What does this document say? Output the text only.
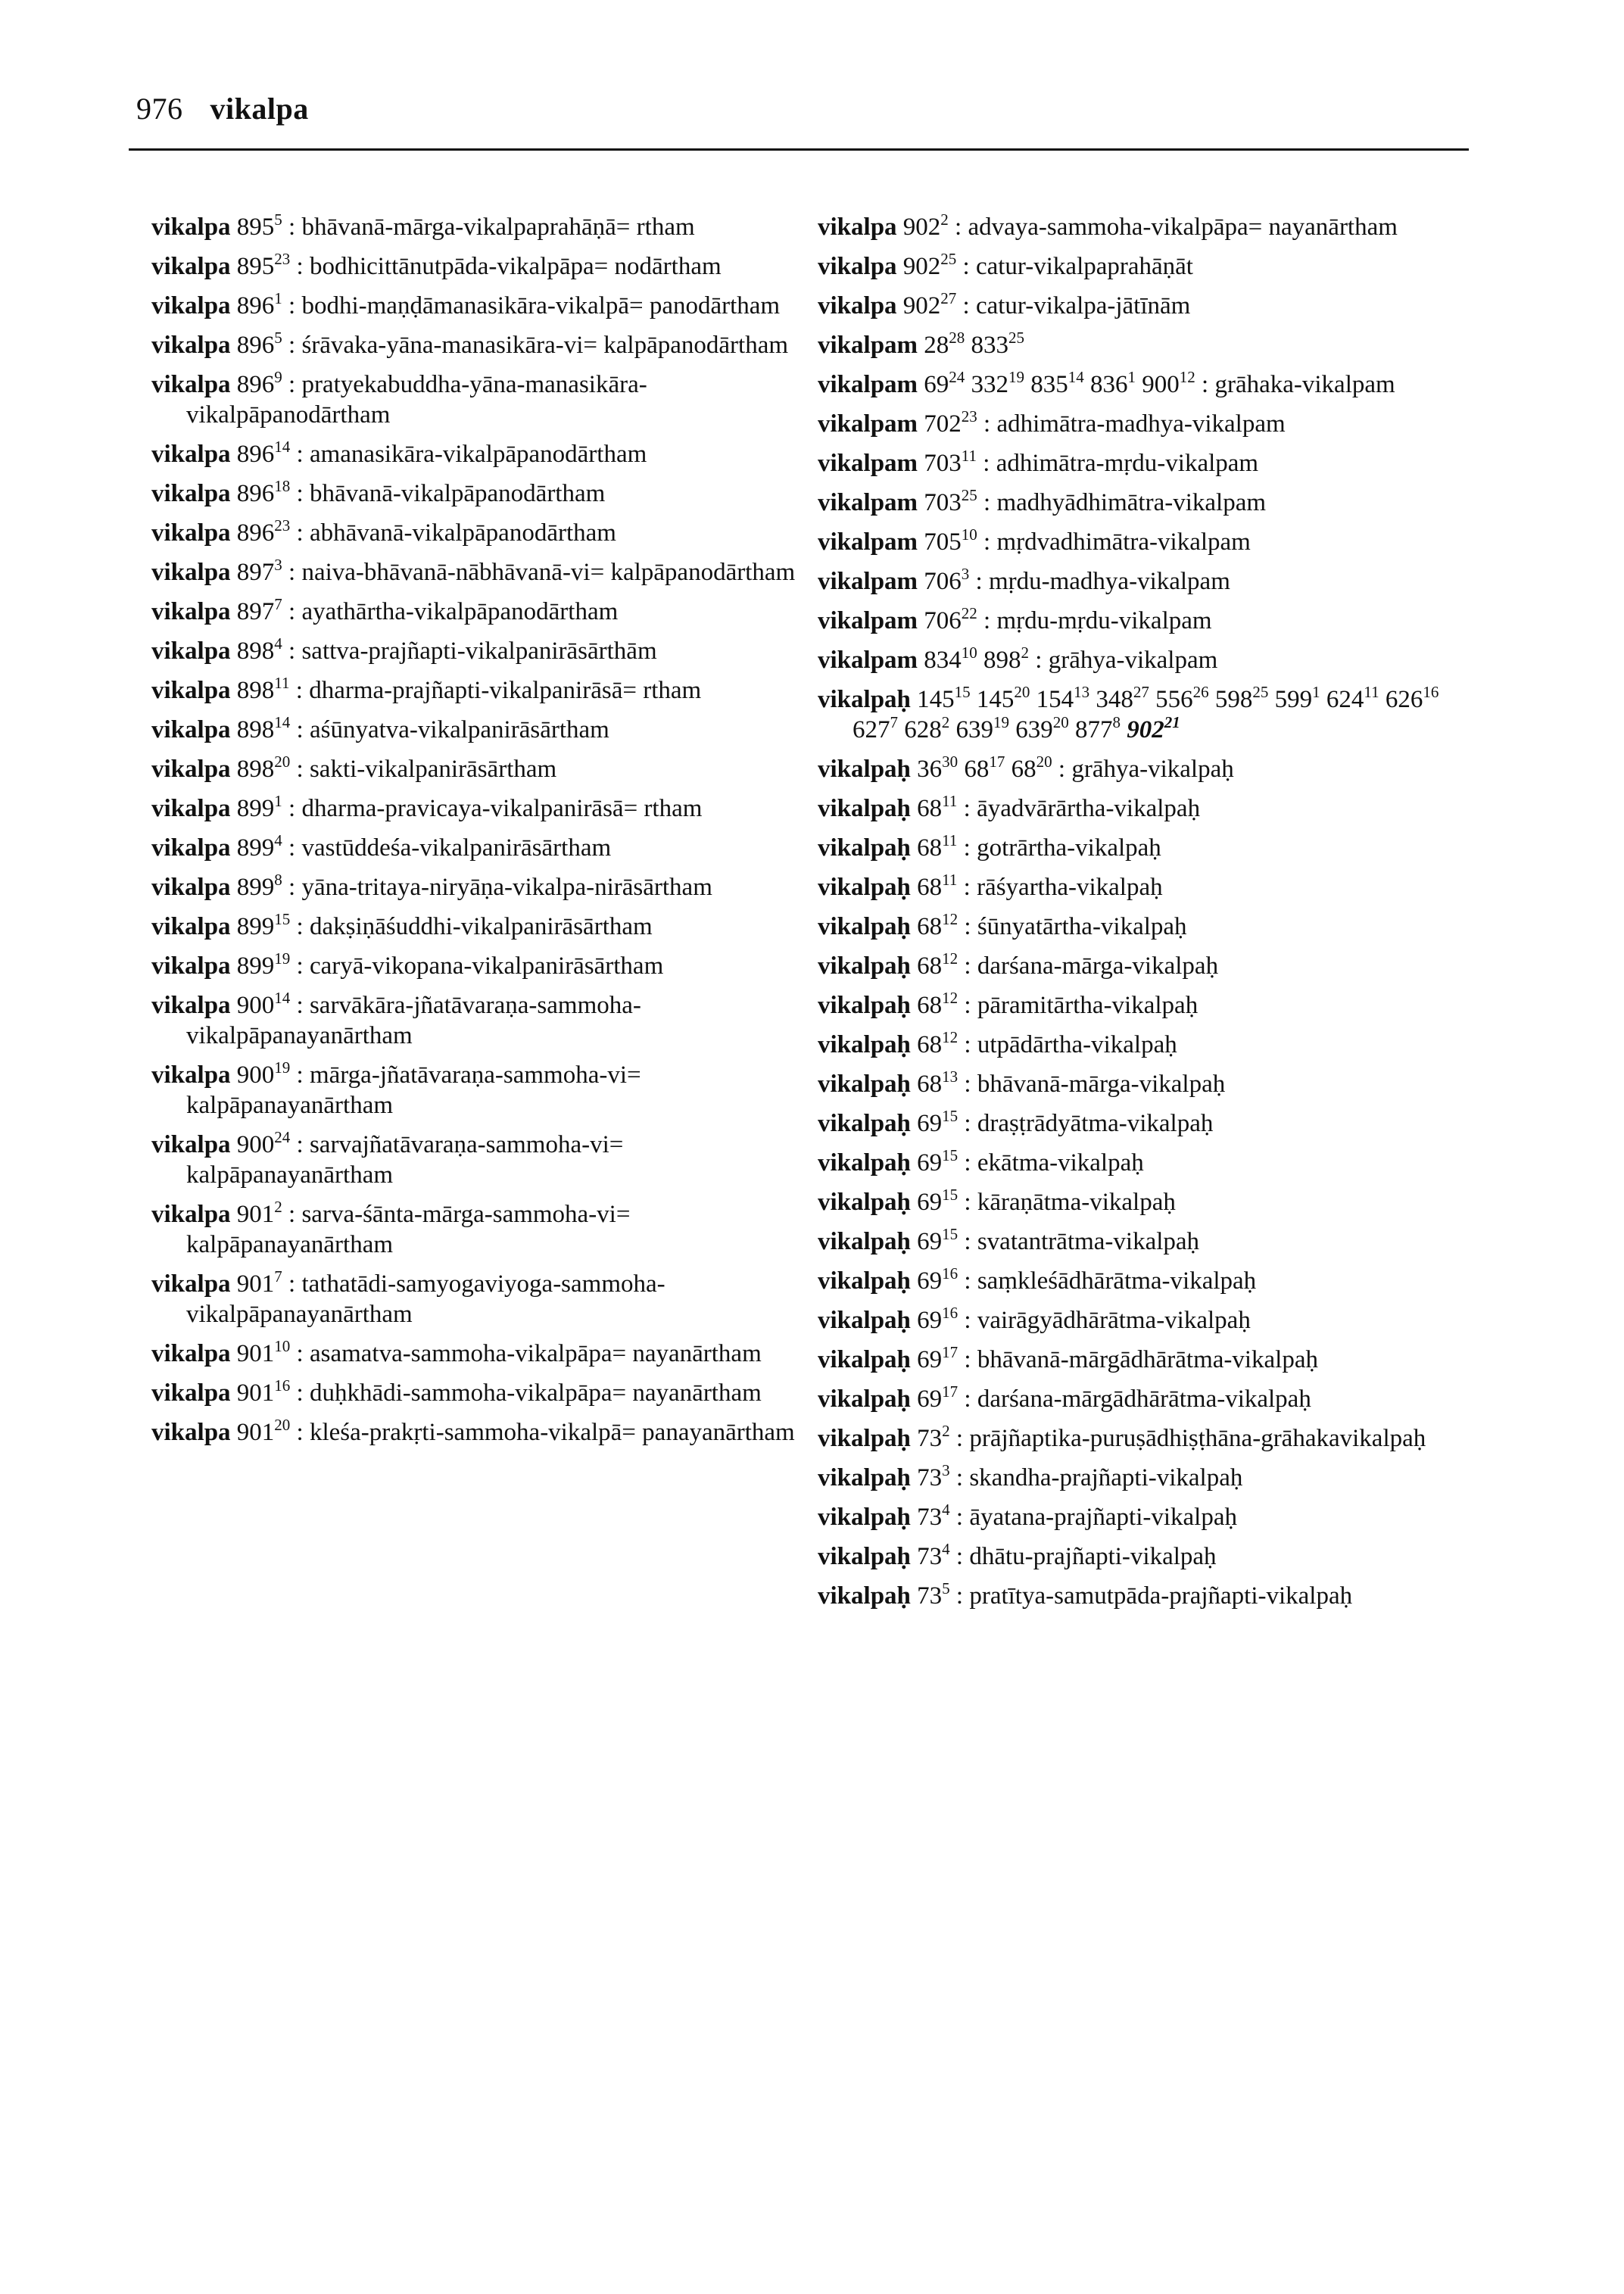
976 vikalpa
vikalpa $895^5$ : bhāvanā-mārga-vikalpaprahāṇā= rtham
vikalpa $895^{23}$ : bodhicittānutpāda-vikalpāpa= nodārtham
vikalpa $896^1$ : bodhi-maṇḍāmanasikāra-vikalpā= panodārtham
vikalpa $896^5$ : śrāvaka-yāna-manasikāra-vi= kalpāpanodārtham
vikalpa $896^9$ : pratyekabuddha-yāna-manasikāra-vikalpāpanodārtham
vikalpa $896^{14}$ : amanasikāra-vikalpāpanodārtham
vikalpa $896^{18}$ : bhāvanā-vikalpāpanodārtham
vikalpa $896^{23}$ : abhāvanā-vikalpāpanodārtham
vikalpa $897^3$ : naiva-bhāvanā-nābhāvanā-vi= kalpāpanodārtham
vikalpa $897^7$ : ayathārtha-vikalpāpanodārtham
vikalpa $898^4$ : sattva-prajñapti-vikalpanirāsārthām
vikalpa $898^{11}$ : dharma-prajñapti-vikalpanirāsā= rtham
vikalpa $898^{14}$ : aśūnyatva-vikalpanirāsārtham
vikalpa $898^{20}$ : sakti-vikalpanirāsārtham
vikalpa $899^1$ : dharma-pravicaya-vikalpanirāsā= rtham
vikalpa $899^4$ : vastūddeśa-vikalpanirāsārtham
vikalpa $899^8$ : yāna-tritaya-niryāṇa-vikalpa-nirāsārtham
vikalpa $899^{15}$ : dakṣiṇāśuddhi-vikalpanirāsārtham
vikalpa $899^{19}$ : caryā-vikopana-vikalpanirāsārtham
vikalpa $900^{14}$ : sarvākāra-jñatāvaraṇa-sammoha-vikalpāpanayanārtham
vikalpa $900^{19}$ : mārga-jñatāvaraṇa-sammoha-vi= kalpāpanayanārtham
vikalpa $900^{24}$ : sarvajñatāvaraṇa-sammoha-vi= kalpāpanayanārtham
vikalpa $901^2$ : sarva-śānta-mārga-sammoha-vi= kalpāpanayanārtham
vikalpa $901^7$ : tathatādi-samyogaviyoga-sammoha-vikalpāpanayanārtham
vikalpa $901^{10}$ : asamatva-sammoha-vikalpāpa= nayanārtham
vikalpa $901^{16}$ : duḥkhādi-sammoha-vikalpāpa= nayanārtham
vikalpa $901^{20}$ : kleśa-prakṛti-sammoha-vikalpā= panayanārtham
vikalpa $902^2$ : advaya-sammoha-vikalpāpa= nayanārtham
vikalpa $902^{25}$ : catur-vikalpaprahāṇāt
vikalpa $902^{27}$ : catur-vikalpa-jātīnām
vikalpam $28^{28}$ $833^{25}$
vikalpam $69^{24}$ $332^{19}$ $835^{14}$ $836^1$ $900^{12}$ : grāhaka-vikalpam
vikalpam $702^{23}$ : adhimātra-madhya-vikalpam
vikalpam $703^{11}$ : adhimātra-mṛdu-vikalpam
vikalpam $703^{25}$ : madhyādhimātra-vikalpam
vikalpam $705^{10}$ : mṛdvadhimātra-vikalpam
vikalpam $706^3$ : mṛdu-madhya-vikalpam
vikalpam $706^{22}$ : mṛdu-mṛdu-vikalpam
vikalpam $834^{10}$ $898^2$ : grāhya-vikalpam
vikalpaḥ $145^{15}$ $145^{20}$ $154^{13}$ $348^{27}$ $556^{26}$ $598^{25}$ $599^1$ $624^{11}$ $626^{16}$ $627^7$ $628^2$ $639^{19}$ $639^{20}$ $877^8$ $902^{21}$
vikalpaḥ $36^{30}$ $68^{17}$ $68^{20}$ : grāhya-vikalpaḥ
vikalpaḥ $68^{11}$ : āyadvārārtha-vikalpaḥ
vikalpaḥ $68^{11}$ : gotrārtha-vikalpaḥ
vikalpaḥ $68^{11}$ : rāśyartha-vikalpaḥ
vikalpaḥ $68^{12}$ : śūnyatārtha-vikalpaḥ
vikalpaḥ $68^{12}$ : darśana-mārga-vikalpaḥ
vikalpaḥ $68^{12}$ : pāramitārtha-vikalpaḥ
vikalpaḥ $68^{12}$ : utpādārtha-vikalpaḥ
vikalpaḥ $68^{13}$ : bhāvanā-mārga-vikalpaḥ
vikalpaḥ $69^{15}$ : draṣṭrādyātma-vikalpaḥ
vikalpaḥ $69^{15}$ : ekātma-vikalpaḥ
vikalpaḥ $69^{15}$ : kāraṇātma-vikalpaḥ
vikalpaḥ $69^{15}$ : svatantrātma-vikalpaḥ
vikalpaḥ $69^{16}$ : saṃkleśādhārātma-vikalpaḥ
vikalpaḥ $69^{16}$ : vairāgyādhārātma-vikalpaḥ
vikalpaḥ $69^{17}$ : bhāvanā-mārgādhārātma-vikalpaḥ
vikalpaḥ $69^{17}$ : darśana-mārgādhārātma-vikalpaḥ
vikalpaḥ $73^2$ : prājñaptika-puruṣādhiṣṭhāna-grāhakavikalpaḥ
vikalpaḥ $73^3$ : skandha-prajñapti-vikalpaḥ
vikalpaḥ $73^4$ : āyatana-prajñapti-vikalpaḥ
vikalpaḥ $73^4$ : dhātu-prajñapti-vikalpaḥ
vikalpaḥ $73^5$ : pratītya-samutpāda-prajñapti-vikalpaḥ
